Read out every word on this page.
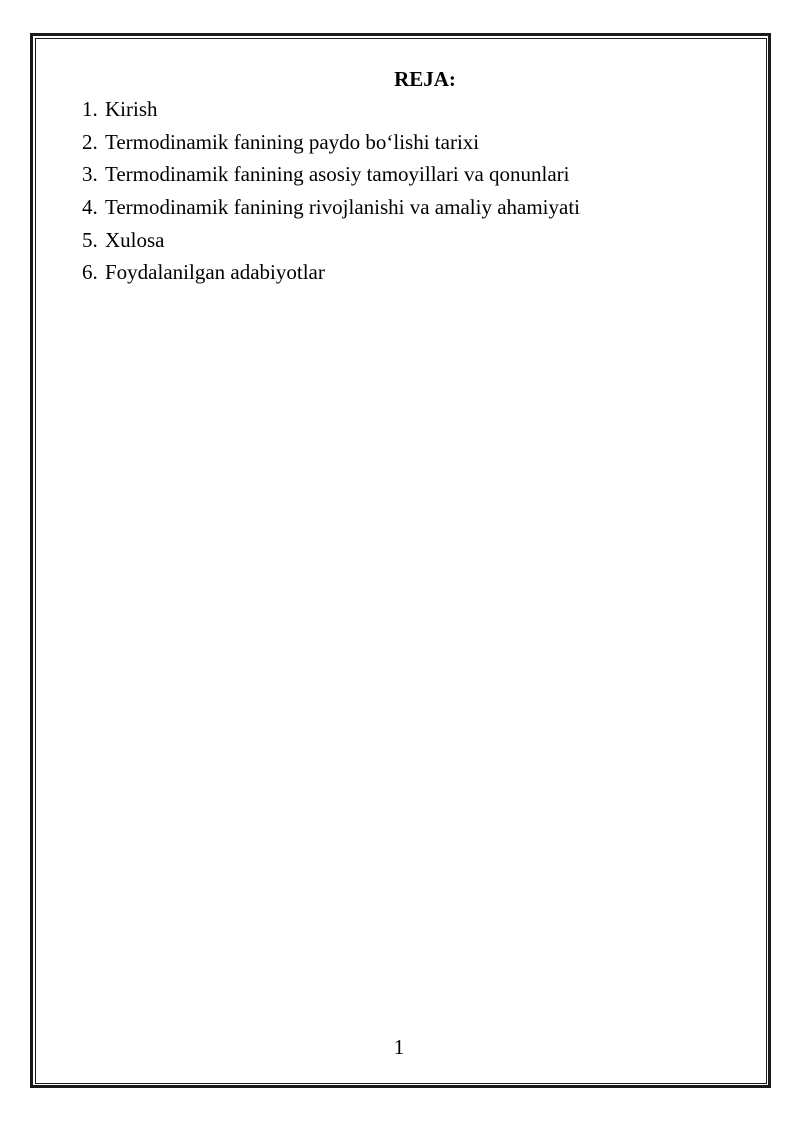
REJA:
1. Kirish
2. Termodinamik fanining paydo bo‘lishi tarixi
3. Termodinamik fanining asosiy tamoyillari va qonunlari
4. Termodinamik fanining rivojlanishi va amaliy ahamiyati
5. Xulosa
6. Foydalanilgan adabiyotlar
1
